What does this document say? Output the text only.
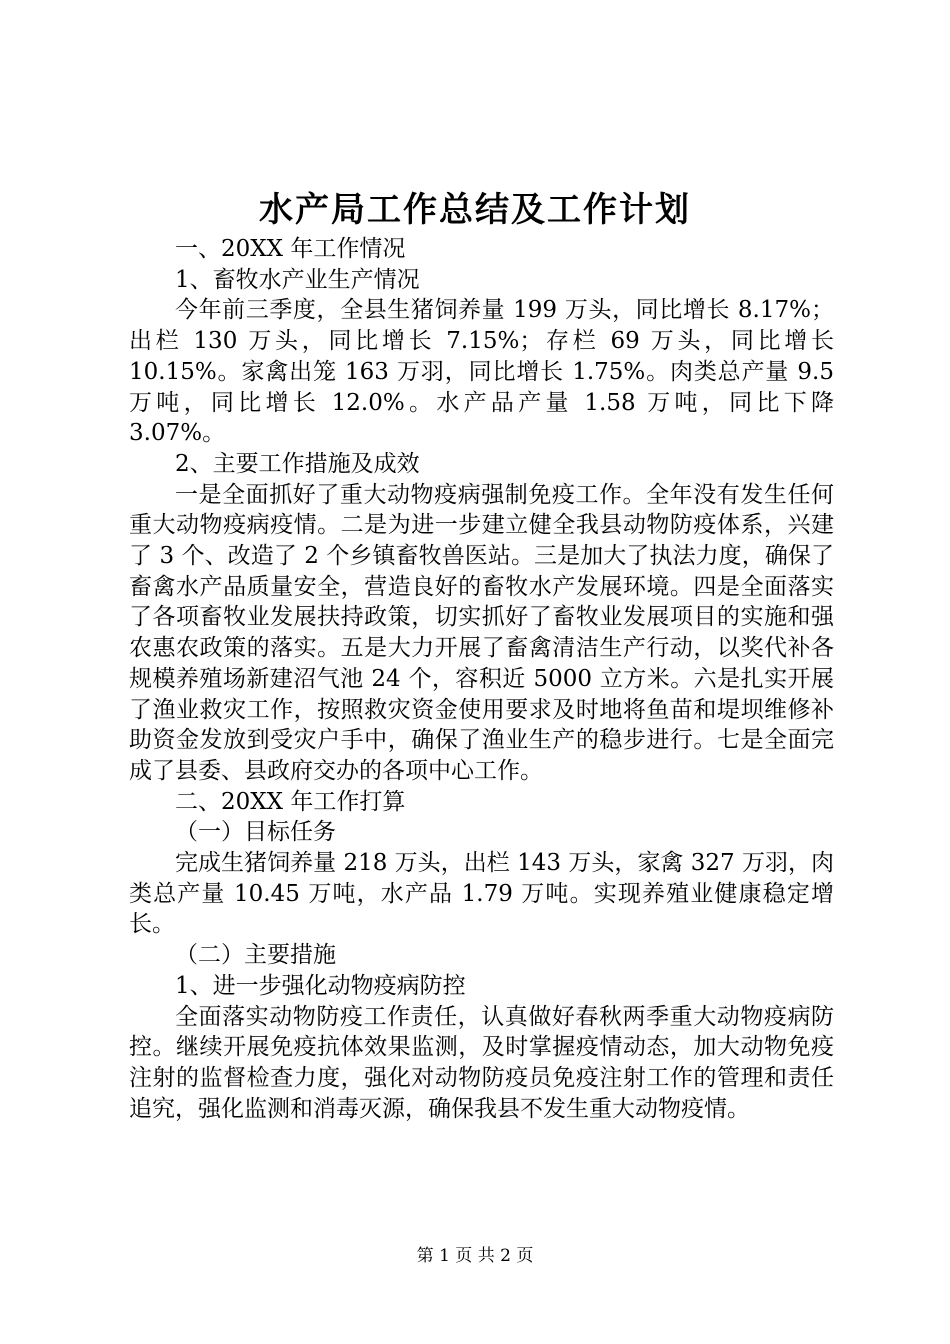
水产局工作总结及工作计划

一、20XX 年工作情况

1、畜牧水产业生产情况

今年前三季度，全县生猪饲养量 199 万头，同比增长 8.17%；出栏 130 万头，同比增长 7.15%；存栏 69 万头，同比增长 10.15%。家禽出笼 163 万羽，同比增长 1.75%。肉类总产量 9.5 万吨，同比增长 12.0%。水产品产量 1.58 万吨，同比下降 3.07%。

2、主要工作措施及成效

一是全面抓好了重大动物疫病强制免疫工作。全年没有发生任何重大动物疫病疫情。二是为进一步建立健全我县动物防疫体系，兴建了 3 个、改造了 2 个乡镇畜牧兽医站。三是加大了执法力度，确保了畜禽水产品质量安全，营造良好的畜牧水产发展环境。四是全面落实了各项畜牧业发展扶持政策，切实抓好了畜牧业发展项目的实施和强农惠农政策的落实。五是大力开展了畜禽清洁生产行动，以奖代补各规模养殖场新建沼气池 24 个，容积近 5000 立方米。六是扎实开展了渔业救灾工作，按照救灾资金使用要求及时地将鱼苗和堤坝维修补助资金发放到受灾户手中，确保了渔业生产的稳步进行。七是全面完成了县委、县政府交办的各项中心工作。

二、20XX 年工作打算

（一）目标任务

完成生猪饲养量 218 万头，出栏 143 万头，家禽 327 万羽，肉类总产量 10.45 万吨，水产品 1.79 万吨。实现养殖业健康稳定增长。

（二）主要措施

1、进一步强化动物疫病防控

全面落实动物防疫工作责任，认真做好春秋两季重大动物疫病防控。继续开展免疫抗体效果监测，及时掌握疫情动态，加大动物免疫注射的监督检查力度，强化对动物防疫员免疫注射工作的管理和责任追究，强化监测和消毒灭源，确保我县不发生重大动物疫情。

第 1 页 共 2 页
